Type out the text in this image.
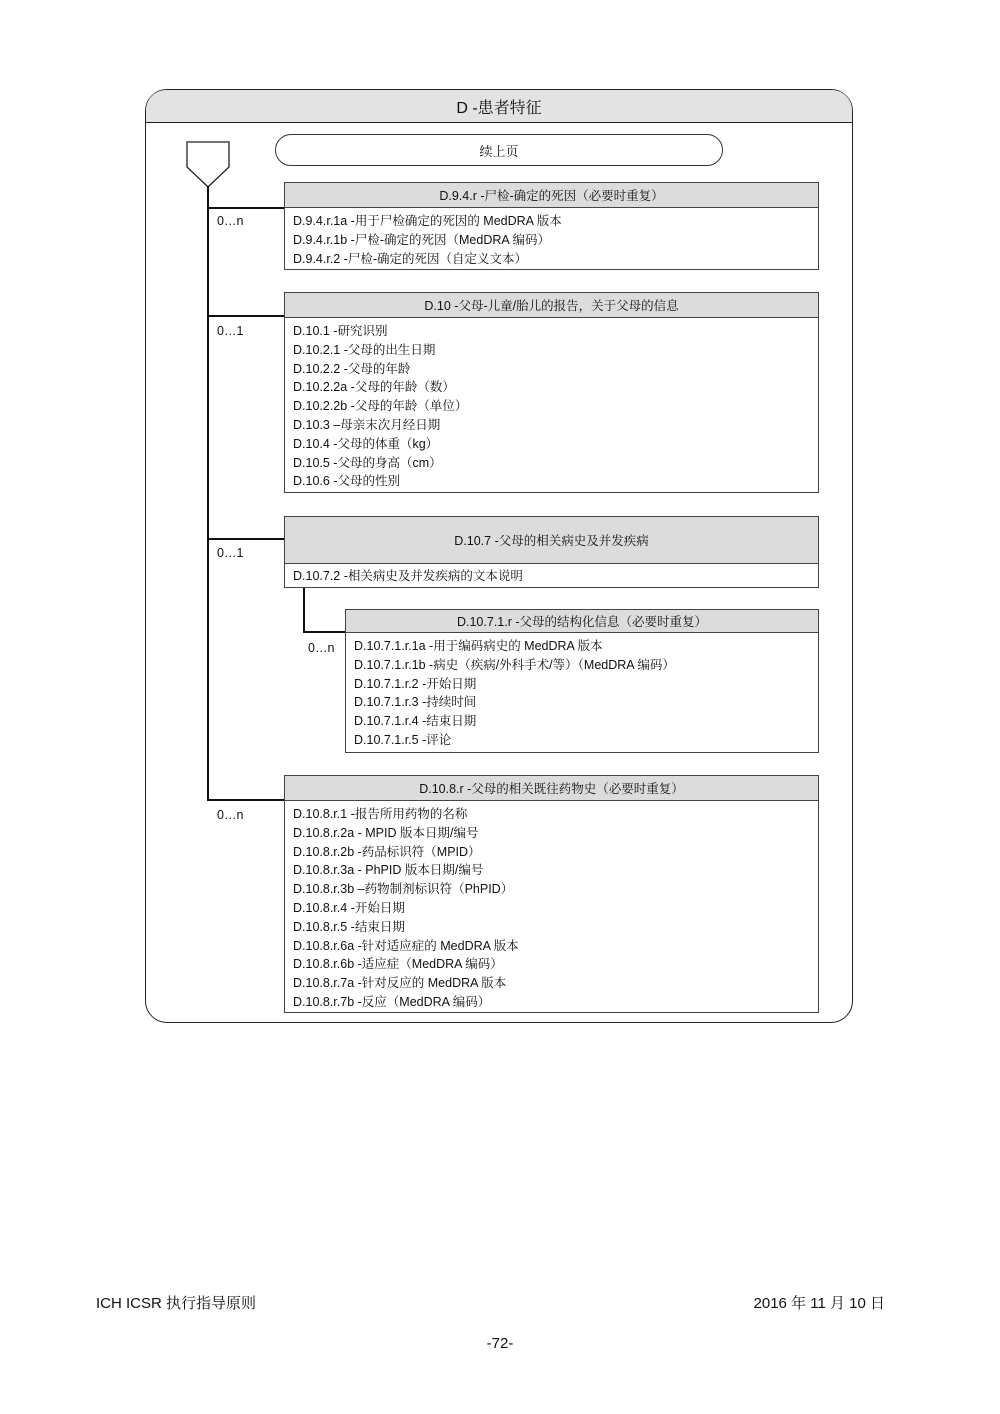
D -患者特征
续上页
0…n
0…1
0…1
0…n
0…n
D.9.4.r -尸检-确定的死因（必要时重复）
D.9.4.r.1a -用于尸检确定的死因的 MedDRA 版本
D.9.4.r.1b -尸检-确定的死因（MedDRA 编码）
D.9.4.r.2 -尸检-确定的死因（自定义文本）
D.10 -父母-儿童/胎儿的报告，关于父母的信息
D.10.1 -研究识别
D.10.2.1 -父母的出生日期
D.10.2.2 -父母的年龄
D.10.2.2a -父母的年龄（数）
D.10.2.2b -父母的年龄（单位）
D.10.3 –母亲末次月经日期
D.10.4 -父母的体重（kg）
D.10.5 -父母的身高（cm）
D.10.6 -父母的性别
D.10.7 -父母的相关病史及并发疾病
D.10.7.2 -相关病史及并发疾病的文本说明
D.10.7.1.r -父母的结构化信息（必要时重复）
D.10.7.1.r.1a -用于编码病史的 MedDRA 版本
D.10.7.1.r.1b -病史（疾病/外科手术/等）（MedDRA 编码）
D.10.7.1.r.2 -开始日期
D.10.7.1.r.3 -持续时间
D.10.7.1.r.4 -结束日期
D.10.7.1.r.5 -评论
D.10.8.r -父母的相关既往药物史（必要时重复）
D.10.8.r.1 -报告所用药物的名称
D.10.8.r.2a - MPID 版本日期/编号
D.10.8.r.2b -药品标识符（MPID）
D.10.8.r.3a - PhPID 版本日期/编号
D.10.8.r.3b –药物制剂标识符（PhPID）
D.10.8.r.4 -开始日期
D.10.8.r.5 -结束日期
D.10.8.r.6a -针对适应症的 MedDRA 版本
D.10.8.r.6b -适应症（MedDRA 编码）
D.10.8.r.7a -针对反应的 MedDRA 版本
D.10.8.r.7b -反应（MedDRA 编码）
ICH ICSR 执行指导原则	2016 年 11 月 10 日
-72-
